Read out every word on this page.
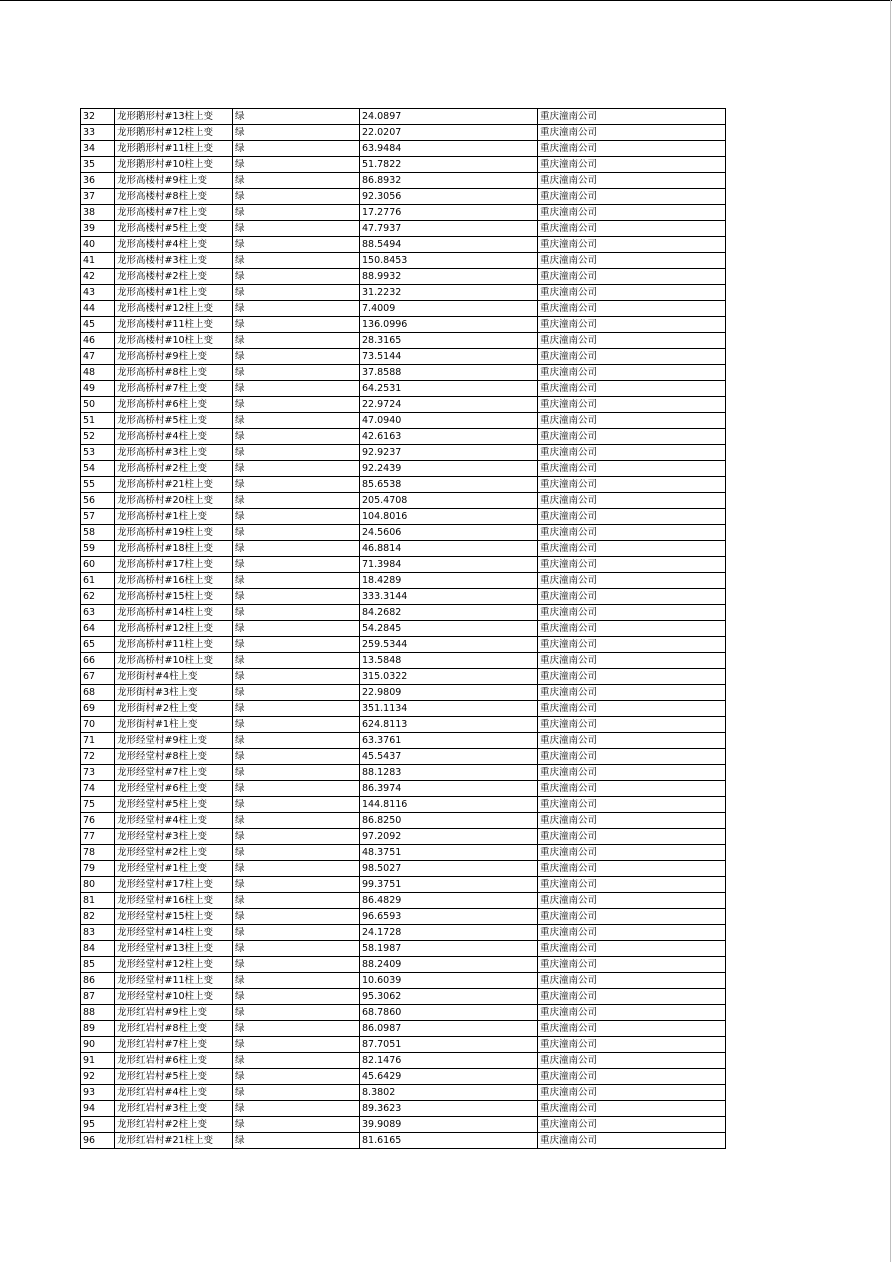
32	龙形鹅形村#13柱上变	绿	24.0897	重庆潼南公司
33	龙形鹅形村#12柱上变	绿	22.0207	重庆潼南公司
34	龙形鹅形村#11柱上变	绿	63.9484	重庆潼南公司
35	龙形鹅形村#10柱上变	绿	51.7822	重庆潼南公司
36	龙形高楼村#9柱上变	绿	86.8932	重庆潼南公司
37	龙形高楼村#8柱上变	绿	92.3056	重庆潼南公司
38	龙形高楼村#7柱上变	绿	17.2776	重庆潼南公司
39	龙形高楼村#5柱上变	绿	47.7937	重庆潼南公司
40	龙形高楼村#4柱上变	绿	88.5494	重庆潼南公司
41	龙形高楼村#3柱上变	绿	150.8453	重庆潼南公司
42	龙形高楼村#2柱上变	绿	88.9932	重庆潼南公司
43	龙形高楼村#1柱上变	绿	31.2232	重庆潼南公司
44	龙形高楼村#12柱上变	绿	7.4009	重庆潼南公司
45	龙形高楼村#11柱上变	绿	136.0996	重庆潼南公司
46	龙形高楼村#10柱上变	绿	28.3165	重庆潼南公司
47	龙形高桥村#9柱上变	绿	73.5144	重庆潼南公司
48	龙形高桥村#8柱上变	绿	37.8588	重庆潼南公司
49	龙形高桥村#7柱上变	绿	64.2531	重庆潼南公司
50	龙形高桥村#6柱上变	绿	22.9724	重庆潼南公司
51	龙形高桥村#5柱上变	绿	47.0940	重庆潼南公司
52	龙形高桥村#4柱上变	绿	42.6163	重庆潼南公司
53	龙形高桥村#3柱上变	绿	92.9237	重庆潼南公司
54	龙形高桥村#2柱上变	绿	92.2439	重庆潼南公司
55	龙形高桥村#21柱上变	绿	85.6538	重庆潼南公司
56	龙形高桥村#20柱上变	绿	205.4708	重庆潼南公司
57	龙形高桥村#1柱上变	绿	104.8016	重庆潼南公司
58	龙形高桥村#19柱上变	绿	24.5606	重庆潼南公司
59	龙形高桥村#18柱上变	绿	46.8814	重庆潼南公司
60	龙形高桥村#17柱上变	绿	71.3984	重庆潼南公司
61	龙形高桥村#16柱上变	绿	18.4289	重庆潼南公司
62	龙形高桥村#15柱上变	绿	333.3144	重庆潼南公司
63	龙形高桥村#14柱上变	绿	84.2682	重庆潼南公司
64	龙形高桥村#12柱上变	绿	54.2845	重庆潼南公司
65	龙形高桥村#11柱上变	绿	259.5344	重庆潼南公司
66	龙形高桥村#10柱上变	绿	13.5848	重庆潼南公司
67	龙形街村#4柱上变	绿	315.0322	重庆潼南公司
68	龙形街村#3柱上变	绿	22.9809	重庆潼南公司
69	龙形街村#2柱上变	绿	351.1134	重庆潼南公司
70	龙形街村#1柱上变	绿	624.8113	重庆潼南公司
71	龙形经堂村#9柱上变	绿	63.3761	重庆潼南公司
72	龙形经堂村#8柱上变	绿	45.5437	重庆潼南公司
73	龙形经堂村#7柱上变	绿	88.1283	重庆潼南公司
74	龙形经堂村#6柱上变	绿	86.3974	重庆潼南公司
75	龙形经堂村#5柱上变	绿	144.8116	重庆潼南公司
76	龙形经堂村#4柱上变	绿	86.8250	重庆潼南公司
77	龙形经堂村#3柱上变	绿	97.2092	重庆潼南公司
78	龙形经堂村#2柱上变	绿	48.3751	重庆潼南公司
79	龙形经堂村#1柱上变	绿	98.5027	重庆潼南公司
80	龙形经堂村#17柱上变	绿	99.3751	重庆潼南公司
81	龙形经堂村#16柱上变	绿	86.4829	重庆潼南公司
82	龙形经堂村#15柱上变	绿	96.6593	重庆潼南公司
83	龙形经堂村#14柱上变	绿	24.1728	重庆潼南公司
84	龙形经堂村#13柱上变	绿	58.1987	重庆潼南公司
85	龙形经堂村#12柱上变	绿	88.2409	重庆潼南公司
86	龙形经堂村#11柱上变	绿	10.6039	重庆潼南公司
87	龙形经堂村#10柱上变	绿	95.3062	重庆潼南公司
88	龙形红岩村#9柱上变	绿	68.7860	重庆潼南公司
89	龙形红岩村#8柱上变	绿	86.0987	重庆潼南公司
90	龙形红岩村#7柱上变	绿	87.7051	重庆潼南公司
91	龙形红岩村#6柱上变	绿	82.1476	重庆潼南公司
92	龙形红岩村#5柱上变	绿	45.6429	重庆潼南公司
93	龙形红岩村#4柱上变	绿	8.3802	重庆潼南公司
94	龙形红岩村#3柱上变	绿	89.3623	重庆潼南公司
95	龙形红岩村#2柱上变	绿	39.9089	重庆潼南公司
96	龙形红岩村#21柱上变	绿	81.6165	重庆潼南公司
